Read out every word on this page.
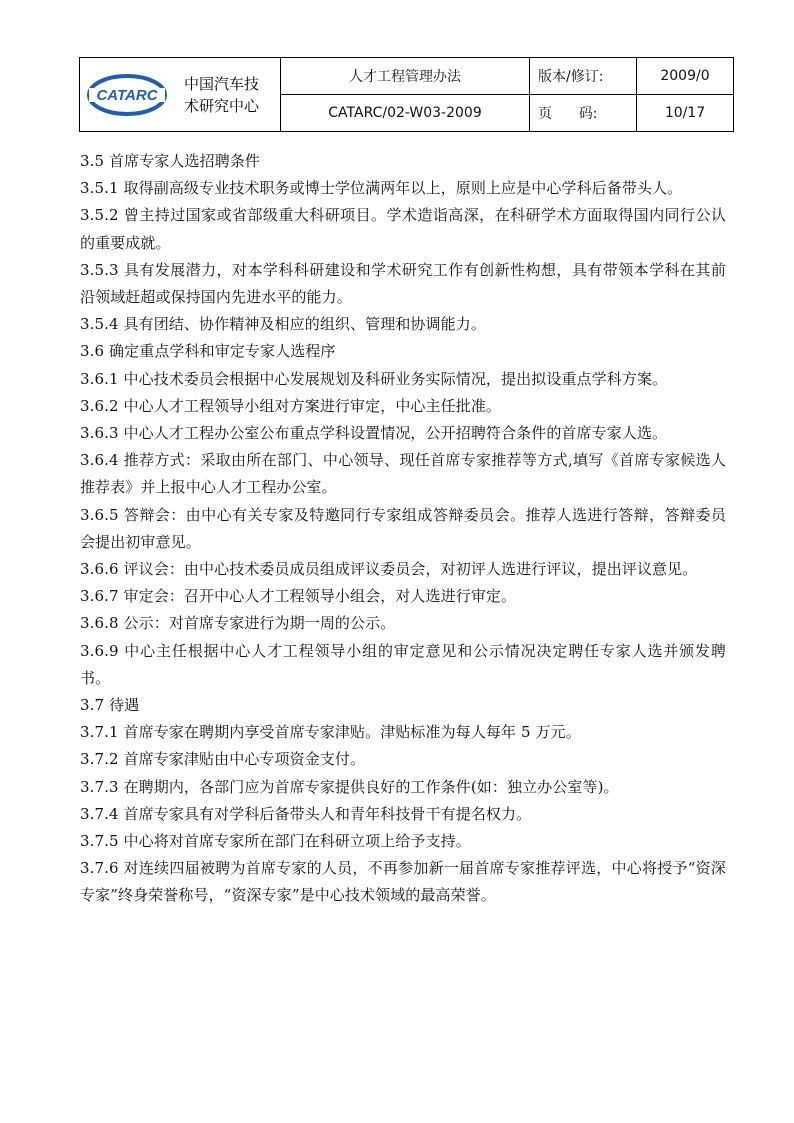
CATARC
中国汽车技
术研究中心	人才工程管理办法	版本/修订:	2009/0
	CATARC/02-W03-2009	页      码:	10/17

3.5 首席专家人选招聘条件

3.5.1 取得副高级专业技术职务或博士学位满两年以上，原则上应是中心学科后备带头人。

3.5.2 曾主持过国家或省部级重大科研项目。学术造诣高深，在科研学术方面取得国内同行公认的重要成就。

3.5.3 具有发展潜力，对本学科科研建设和学术研究工作有创新性构想，具有带领本学科在其前沿领域赶超或保持国内先进水平的能力。

3.5.4 具有团结、协作精神及相应的组织、管理和协调能力。

3.6 确定重点学科和审定专家人选程序

3.6.1 中心技术委员会根据中心发展规划及科研业务实际情况，提出拟设重点学科方案。

3.6.2 中心人才工程领导小组对方案进行审定，中心主任批准。

3.6.3 中心人才工程办公室公布重点学科设置情况，公开招聘符合条件的首席专家人选。

3.6.4 推荐方式：采取由所在部门、中心领导、现任首席专家推荐等方式,填写《首席专家候选人推荐表》并上报中心人才工程办公室。

3.6.5 答辩会：由中心有关专家及特邀同行专家组成答辩委员会。推荐人选进行答辩，答辩委员会提出初审意见。

3.6.6 评议会：由中心技术委员成员组成评议委员会，对初评人选进行评议，提出评议意见。

3.6.7 审定会：召开中心人才工程领导小组会，对人选进行审定。

3.6.8 公示：对首席专家进行为期一周的公示。

3.6.9 中心主任根据中心人才工程领导小组的审定意见和公示情况决定聘任专家人选并颁发聘书。

3.7 待遇

3.7.1 首席专家在聘期内享受首席专家津贴。津贴标准为每人每年 5 万元。

3.7.2 首席专家津贴由中心专项资金支付。

3.7.3 在聘期内，各部门应为首席专家提供良好的工作条件(如：独立办公室等)。

3.7.4 首席专家具有对学科后备带头人和青年科技骨干有提名权力。

3.7.5 中心将对首席专家所在部门在科研立项上给予支持。

3.7.6 对连续四届被聘为首席专家的人员，不再参加新一届首席专家推荐评选，中心将授予“资深专家”终身荣誉称号，“资深专家”是中心技术领域的最高荣誉。
